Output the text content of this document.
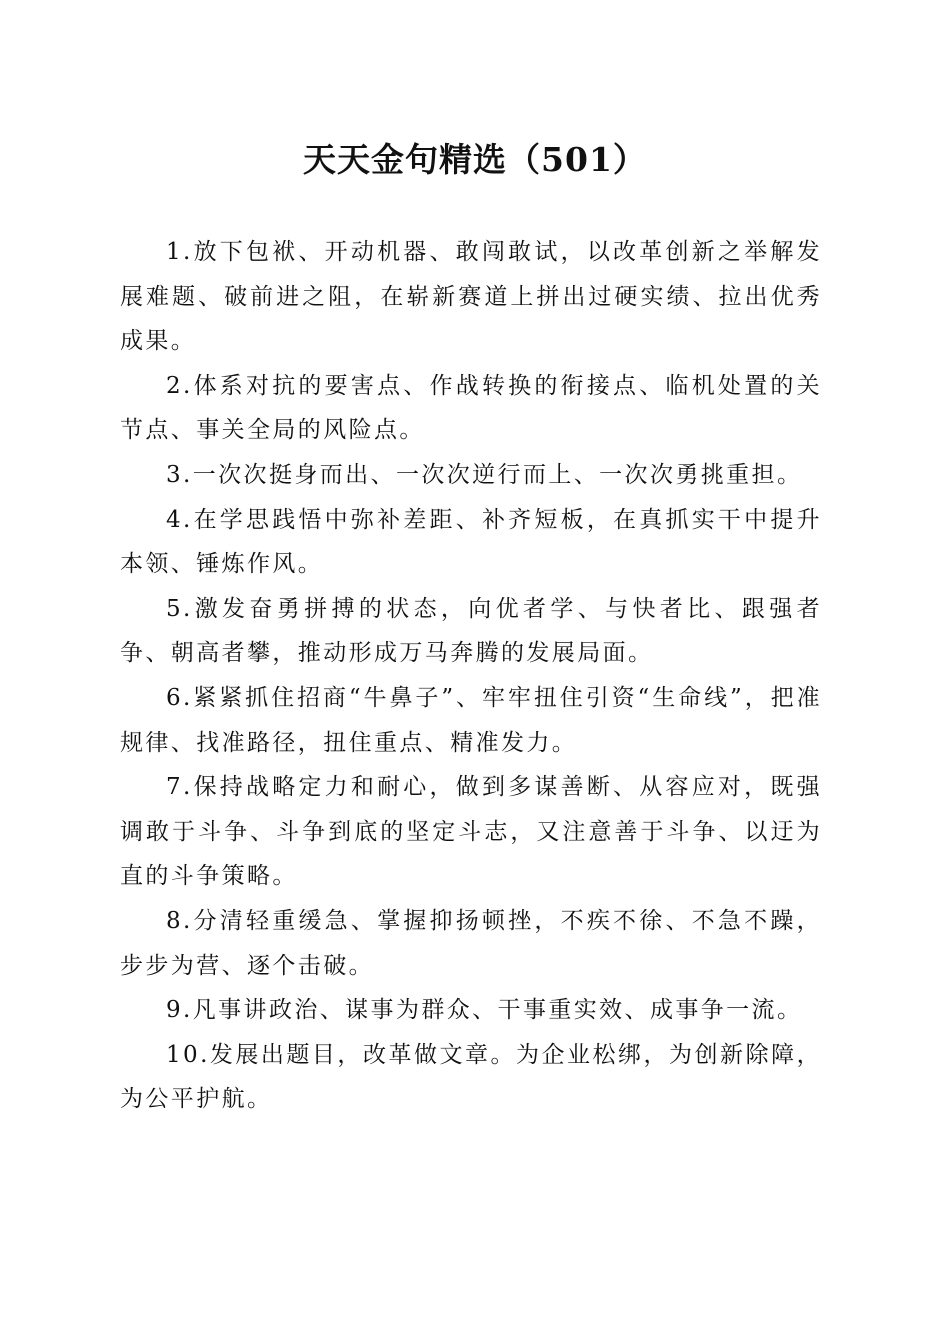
天天金句精选（501）

1.放下包袱、开动机器、敢闯敢试，以改革创新之举解发展难题、破前进之阻，在崭新赛道上拼出过硬实绩、拉出优秀成果。

2.体系对抗的要害点、作战转换的衔接点、临机处置的关节点、事关全局的风险点。

3.一次次挺身而出、一次次逆行而上、一次次勇挑重担。

4.在学思践悟中弥补差距、补齐短板，在真抓实干中提升本领、锤炼作风。

5.激发奋勇拼搏的状态，向优者学、与快者比、跟强者争、朝高者攀，推动形成万马奔腾的发展局面。

6.紧紧抓住招商“牛鼻子”、牢牢扭住引资“生命线”，把准规律、找准路径，扭住重点、精准发力。

7.保持战略定力和耐心，做到多谋善断、从容应对，既强调敢于斗争、斗争到底的坚定斗志，又注意善于斗争、以迂为直的斗争策略。

8.分清轻重缓急、掌握抑扬顿挫，不疾不徐、不急不躁，步步为营、逐个击破。

9.凡事讲政治、谋事为群众、干事重实效、成事争一流。

10.发展出题目，改革做文章。为企业松绑，为创新除障，为公平护航。
